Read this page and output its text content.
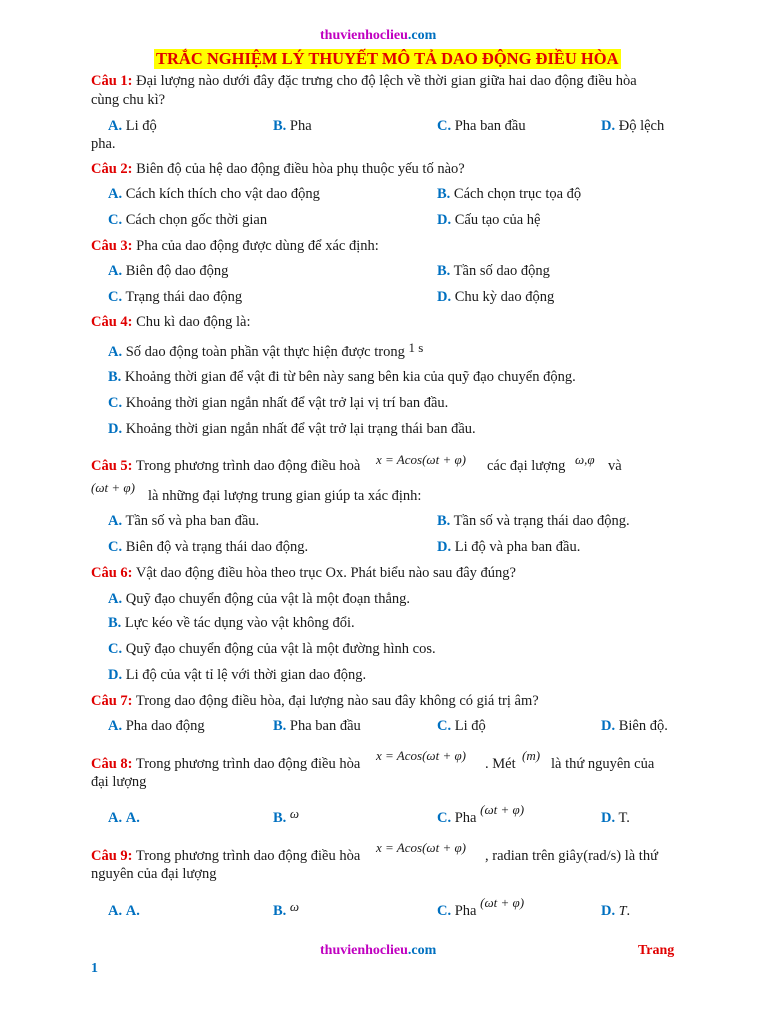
thuvienhoclieu.com
TRẮC NGHIỆM LÝ THUYẾT MÔ TẢ DAO ĐỘNG ĐIỀU HÒA
Câu 1: Đại lượng nào dưới đây đặc trưng cho độ lệch về thời gian giữa hai dao động điều hòa
cùng chu kì?
A. Li độ	B. Pha	C. Pha ban đầu	D. Độ lệch
pha.
Câu 2: Biên độ của hệ dao động điều hòa phụ thuộc yếu tố nào?
A. Cách kích thích cho vật dao động	B. Cách chọn trục tọa độ
C. Cách chọn gốc thời gian	D. Cấu tạo của hệ
Câu 3: Pha của dao động được dùng để xác định:
A. Biên độ dao động	B. Tần số dao động
C. Trạng thái dao động	D. Chu kỳ dao động
Câu 4: Chu kì dao động là:
A. Số dao động toàn phần vật thực hiện được trong 1 s
B. Khoảng thời gian để vật đi từ bên này sang bên kia của quỹ đạo chuyển động.
C. Khoảng thời gian ngắn nhất để vật trở lại vị trí ban đầu.
D. Khoảng thời gian ngắn nhất để vật trở lại trạng thái ban đầu.
Câu 5: Trong phương trình dao động điều hoà x = Acos(ωt + φ) các đại lượng ω,φ và
(ωt + φ)
là những đại lượng trung gian giúp ta xác định:
A. Tần số và pha ban đầu.	B. Tần số và trạng thái dao động.
C. Biên độ và trạng thái dao động.	D. Li độ và pha ban đầu.
Câu 6: Vật dao động điều hòa theo trục Ox. Phát biểu nào sau đây đúng?
A. Quỹ đạo chuyển động của vật là một đoạn thẳng.
B. Lực kéo về tác dụng vào vật không đổi.
C. Quỹ đạo chuyển động của vật là một đường hình cos.
D. Li độ của vật tỉ lệ với thời gian dao động.
Câu 7: Trong dao động điều hòa, đại lượng nào sau đây không có giá trị âm?
A. Pha dao động	B. Pha ban đầu	C. Li độ	D. Biên độ.
Câu 8: Trong phương trình dao động điều hòa
x = Acos(ωt + φ)
. Mét
(m)
là thứ nguyên của
đại lượng
A. A.	B. ω	C. Pha (ωt + φ)
D. T.
Câu 9: Trong phương trình dao động điều hòa
x = Acos(ωt + φ)
, radian trên giây(rad/s) là thứ
nguyên của đại lượng
A. A.	B. ω	C. Pha (ωt + φ)
D. T.
thuvienhoclieu.com	Trang
1
